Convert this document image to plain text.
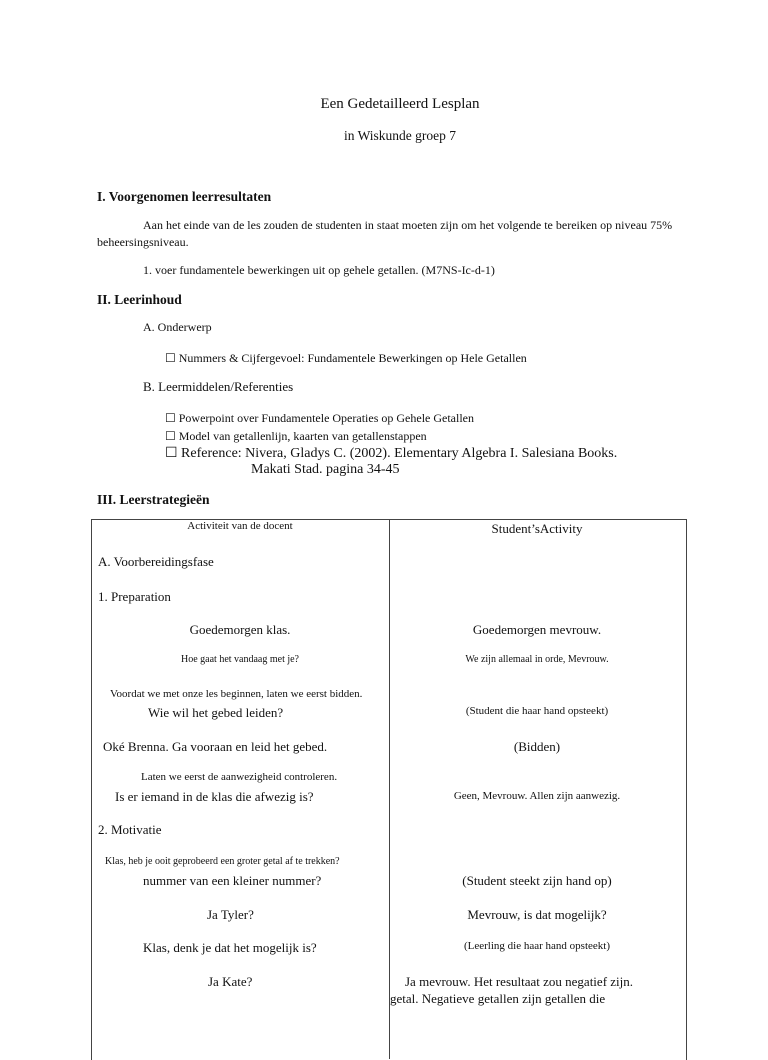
Een Gedetailleerd Lesplan
in Wiskunde groep 7
I. Voorgenomen leerresultaten
Aan het einde van de les zouden de studenten in staat moeten zijn om het volgende te bereiken op niveau 75% beheersingsniveau.
1. voer fundamentele bewerkingen uit op gehele getallen. (M7NS-Ic-d-1)
II. Leerinhoud
A. Onderwerp
☐ Nummers & Cijfergevoel: Fundamentele Bewerkingen op Hele Getallen
B. Leermiddelen/Referenties
☐ Powerpoint over Fundamentele Operaties op Gehele Getallen
☐ Model van getallenlijn, kaarten van getallenstappen
☐ Reference: Nivera, Gladys C. (2002). Elementary Algebra I. Salesiana Books.
Makati Stad. pagina 34-45
III. Leerstrategieën
Activiteit van de docent	Student’sActivity
A. Voorbereidingsfase
1. Preparation
Goedemorgen klas.	Goedemorgen mevrouw.
Hoe gaat het vandaag met je?	We zijn allemaal in orde, Mevrouw.
Voordat we met onze les beginnen, laten we eerst bidden.
Wie wil het gebed leiden?	(Student die haar hand opsteekt)
Oké Brenna. Ga vooraan en leid het gebed.	(Bidden)
Laten we eerst de aanwezigheid controleren.
Is er iemand in de klas die afwezig is?	Geen, Mevrouw. Allen zijn aanwezig.
2. Motivatie
Klas, heb je ooit geprobeerd een groter getal af te trekken?
nummer van een kleiner nummer?	(Student steekt zijn hand op)
Ja Tyler?	Mevrouw, is dat mogelijk?
Klas, denk je dat het mogelijk is?	(Leerling die haar hand opsteekt)
Ja Kate?	Ja mevrouw. Het resultaat zou negatief zijn.
getal. Negatieve getallen zijn getallen die
